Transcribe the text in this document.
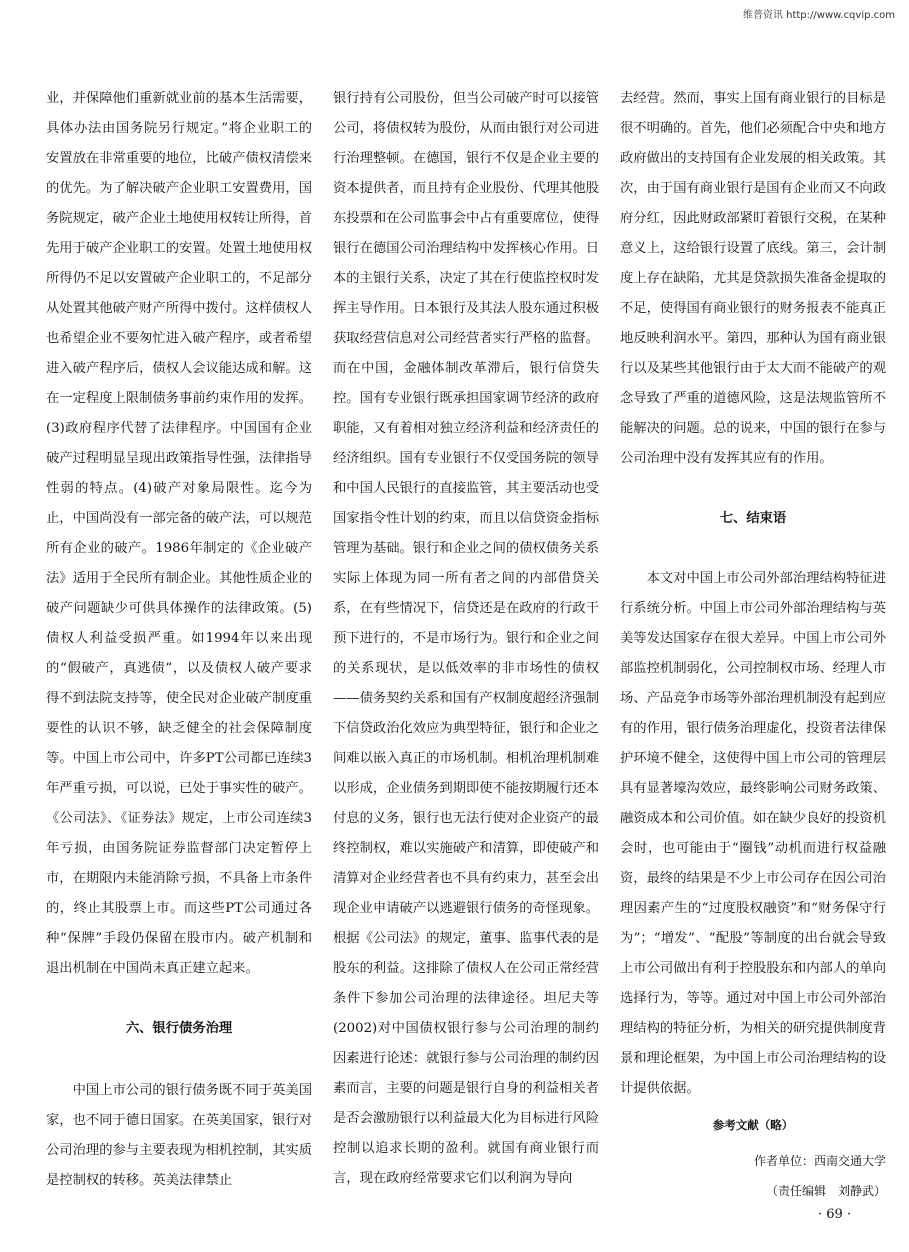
维普资讯 http://www.cqvip.com

业，并保障他们重新就业前的基本生活需要，具体办法由国务院另行规定。”将企业职工的安置放在非常重要的地位，比破产债权清偿来的优先。为了解决破产企业职工安置费用，国务院规定，破产企业土地使用权转让所得，首先用于破产企业职工的安置。处置土地使用权所得仍不足以安置破产企业职工的，不足部分从处置其他破产财产所得中拨付。这样债权人也希望企业不要匆忙进入破产程序，或者希望进入破产程序后，债权人会议能达成和解。这在一定程度上限制债务事前约束作用的发挥。(3)政府程序代替了法律程序。中国国有企业破产过程明显呈现出政策指导性强，法律指导性弱的特点。(4)破产对象局限性。迄今为止，中国尚没有一部完备的破产法，可以规范所有企业的破产。1986年制定的《企业破产法》适用于全民所有制企业。其他性质企业的破产问题缺少可供具体操作的法律政策。(5)债权人利益受损严重。如1994年以来出现的“假破产，真逃债”，以及债权人破产要求得不到法院支持等，使全民对企业破产制度重要性的认识不够，缺乏健全的社会保障制度等。中国上市公司中，许多PT公司都已连续3年严重亏损，可以说，已处于事实性的破产。《公司法》、《证券法》规定，上市公司连续3年亏损，由国务院证券监督部门决定暂停上市，在期限内未能消除亏损，不具备上市条件的，终止其股票上市。而这些PT公司通过各种“保牌”手段仍保留在股市内。破产机制和退出机制在中国尚未真正建立起来。

六、银行债务治理

中国上市公司的银行债务既不同于英美国家，也不同于德日国家。在英美国家，银行对公司治理的参与主要表现为相机控制，其实质是控制权的转移。英美法律禁止

银行持有公司股份，但当公司破产时可以接管公司，将债权转为股份，从而由银行对公司进行治理整顿。在德国，银行不仅是企业主要的资本提供者，而且持有企业股份、代理其他股东投票和在公司监事会中占有重要席位，使得银行在德国公司治理结构中发挥核心作用。日本的主银行关系，决定了其在行使监控权时发挥主导作用。日本银行及其法人股东通过积极获取经营信息对公司经营者实行严格的监督。而在中国，金融体制改革滞后，银行信贷失控。国有专业银行既承担国家调节经济的政府职能，又有着相对独立经济利益和经济责任的经济组织。国有专业银行不仅受国务院的领导和中国人民银行的直接监管，其主要活动也受国家指令性计划的约束，而且以信贷资金指标管理为基础。银行和企业之间的债权债务关系实际上体现为同一所有者之间的内部借贷关系，在有些情况下，信贷还是在政府的行政干预下进行的，不是市场行为。银行和企业之间的关系现状，是以低效率的非市场性的债权——债务契约关系和国有产权制度超经济强制下信贷政治化效应为典型特征，银行和企业之间难以嵌入真正的市场机制。相机治理机制难以形成，企业债务到期即使不能按期履行还本付息的义务，银行也无法行使对企业资产的最终控制权，难以实施破产和清算，即使破产和清算对企业经营者也不具有约束力，甚至会出现企业申请破产以逃避银行债务的奇怪现象。根据《公司法》的规定，董事、监事代表的是股东的利益。这排除了债权人在公司正常经营条件下参加公司治理的法律途径。坦尼夫等(2002)对中国债权银行参与公司治理的制约因素进行论述：就银行参与公司治理的制约因素而言，主要的问题是银行自身的利益相关者是否会激励银行以利益最大化为目标进行风险控制以追求长期的盈利。就国有商业银行而言，现在政府经常要求它们以利润为导向

去经营。然而，事实上国有商业银行的目标是很不明确的。首先，他们必须配合中央和地方政府做出的支持国有企业发展的相关政策。其次，由于国有商业银行是国有企业而又不向政府分红，因此财政部紧盯着银行交税，在某种意义上，这给银行设置了底线。第三，会计制度上存在缺陷，尤其是贷款损失准备金提取的不足，使得国有商业银行的财务报表不能真正地反映利润水平。第四，那种认为国有商业银行以及某些其他银行由于太大而不能破产的观念导致了严重的道德风险，这是法规监管所不能解决的问题。总的说来，中国的银行在参与公司治理中没有发挥其应有的作用。

七、结束语

本文对中国上市公司外部治理结构特征进行系统分析。中国上市公司外部治理结构与英美等发达国家存在很大差异。中国上市公司外部监控机制弱化，公司控制权市场、经理人市场、产品竞争市场等外部治理机制没有起到应有的作用，银行债务治理虚化，投资者法律保护环境不健全，这使得中国上市公司的管理层具有显著壕沟效应，最终影响公司财务政策、融资成本和公司价值。如在缺少良好的投资机会时，也可能由于“圈钱”动机而进行权益融资，最终的结果是不少上市公司存在因公司治理因素产生的“过度股权融资”和“财务保守行为”；“增发”、“配股”等制度的出台就会导致上市公司做出有利于控股股东和内部人的单向选择行为，等等。通过对中国上市公司外部治理结构的特征分析，为相关的研究提供制度背景和理论框架，为中国上市公司治理结构的设计提供依据。

参考文献（略）

作者单位：西南交通大学

（责任编辑　刘静武）

· 69 ·
